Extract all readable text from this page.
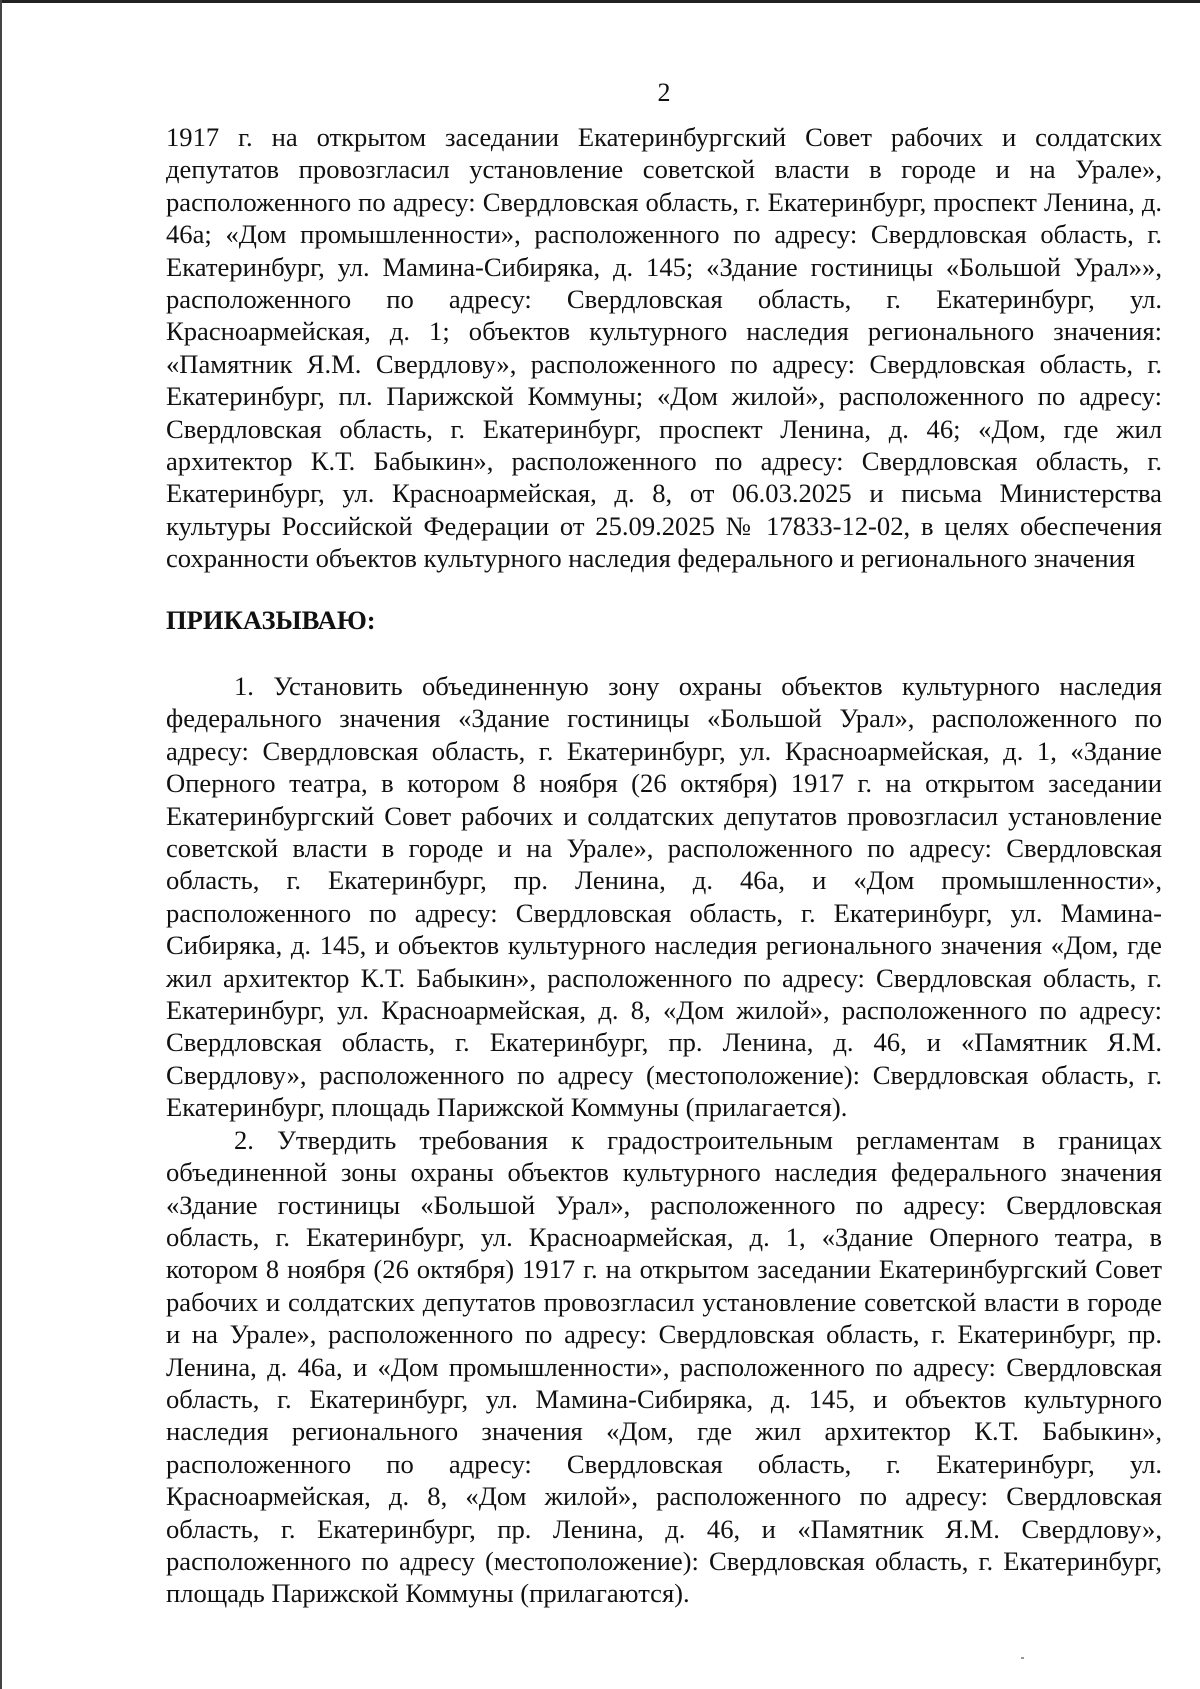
2
1917 г. на открытом заседании Екатеринбургский Совет рабочих и солдатских депутатов провозгласил установление советской власти в городе и на Урале», расположенного по адресу: Свердловская область, г. Екатеринбург, проспект Ленина, д. 46а; «Дом промышленности», расположенного по адресу: Свердловская область, г. Екатеринбург, ул. Мамина-Сибиряка, д. 145; «Здание гостиницы «Большой Урал»», расположенного по адресу: Свердловская область, г. Екатеринбург, ул. Красноармейская, д. 1; объектов культурного наследия регионального значения: «Памятник Я.М. Свердлову», расположенного по адресу: Свердловская область, г. Екатеринбург, пл. Парижской Коммуны; «Дом жилой», расположенного по адресу: Свердловская область, г. Екатеринбург, проспект Ленина, д. 46; «Дом, где жил архитектор К.Т. Бабыкин», расположенного по адресу: Свердловская область, г. Екатеринбург, ул. Красноармейская, д. 8, от 06.03.2025 и письма Министерства культуры Российской Федерации от 25.09.2025 № 17833-12-02, в целях обеспечения сохранности объектов культурного наследия федерального и регионального значения
ПРИКАЗЫВАЮ:

1. Установить объединенную зону охраны объектов культурного наследия федерального значения «Здание гостиницы «Большой Урал», расположенного по адресу: Свердловская область, г. Екатеринбург, ул. Красноармейская, д. 1, «Здание Оперного театра, в котором 8 ноября (26 октября) 1917 г. на открытом заседании Екатеринбургский Совет рабочих и солдатских депутатов провозгласил установление советской власти в городе и на Урале», расположенного по адресу: Свердловская область, г. Екатеринбург, пр. Ленина, д. 46а, и «Дом промышленности», расположенного по адресу: Свердловская область, г. Екатеринбург, ул. Мамина-Сибиряка, д. 145, и объектов культурного наследия регионального значения «Дом, где жил архитектор К.Т. Бабыкин», расположенного по адресу: Свердловская область, г. Екатеринбург, ул. Красноармейская, д. 8, «Дом жилой», расположенного по адресу: Свердловская область, г. Екатеринбург, пр. Ленина, д. 46, и «Памятник Я.М. Свердлову», расположенного по адресу (местоположение): Свердловская область, г. Екатеринбург, площадь Парижской Коммуны (прилагается).

2. Утвердить требования к градостроительным регламентам в границах объединенной зоны охраны объектов культурного наследия федерального значения «Здание гостиницы «Большой Урал», расположенного по адресу: Свердловская область, г. Екатеринбург, ул. Красноармейская, д. 1, «Здание Оперного театра, в котором 8 ноября (26 октября) 1917 г. на открытом заседании Екатеринбургский Совет рабочих и солдатских депутатов провозгласил установление советской власти в городе и на Урале», расположенного по адресу: Свердловская область, г. Екатеринбург, пр. Ленина, д. 46а, и «Дом промышленности», расположенного по адресу: Свердловская область, г. Екатеринбург, ул. Мамина-Сибиряка, д. 145, и объектов культурного наследия регионального значения «Дом, где жил архитектор К.Т. Бабыкин», расположенного по адресу: Свердловская область, г. Екатеринбург, ул. Красноармейская, д. 8, «Дом жилой», расположенного по адресу: Свердловская область, г. Екатеринбург, пр. Ленина, д. 46, и «Памятник Я.М. Свердлову», расположенного по адресу (местоположение): Свердловская область, г. Екатеринбург, площадь Парижской Коммуны (прилагаются).
